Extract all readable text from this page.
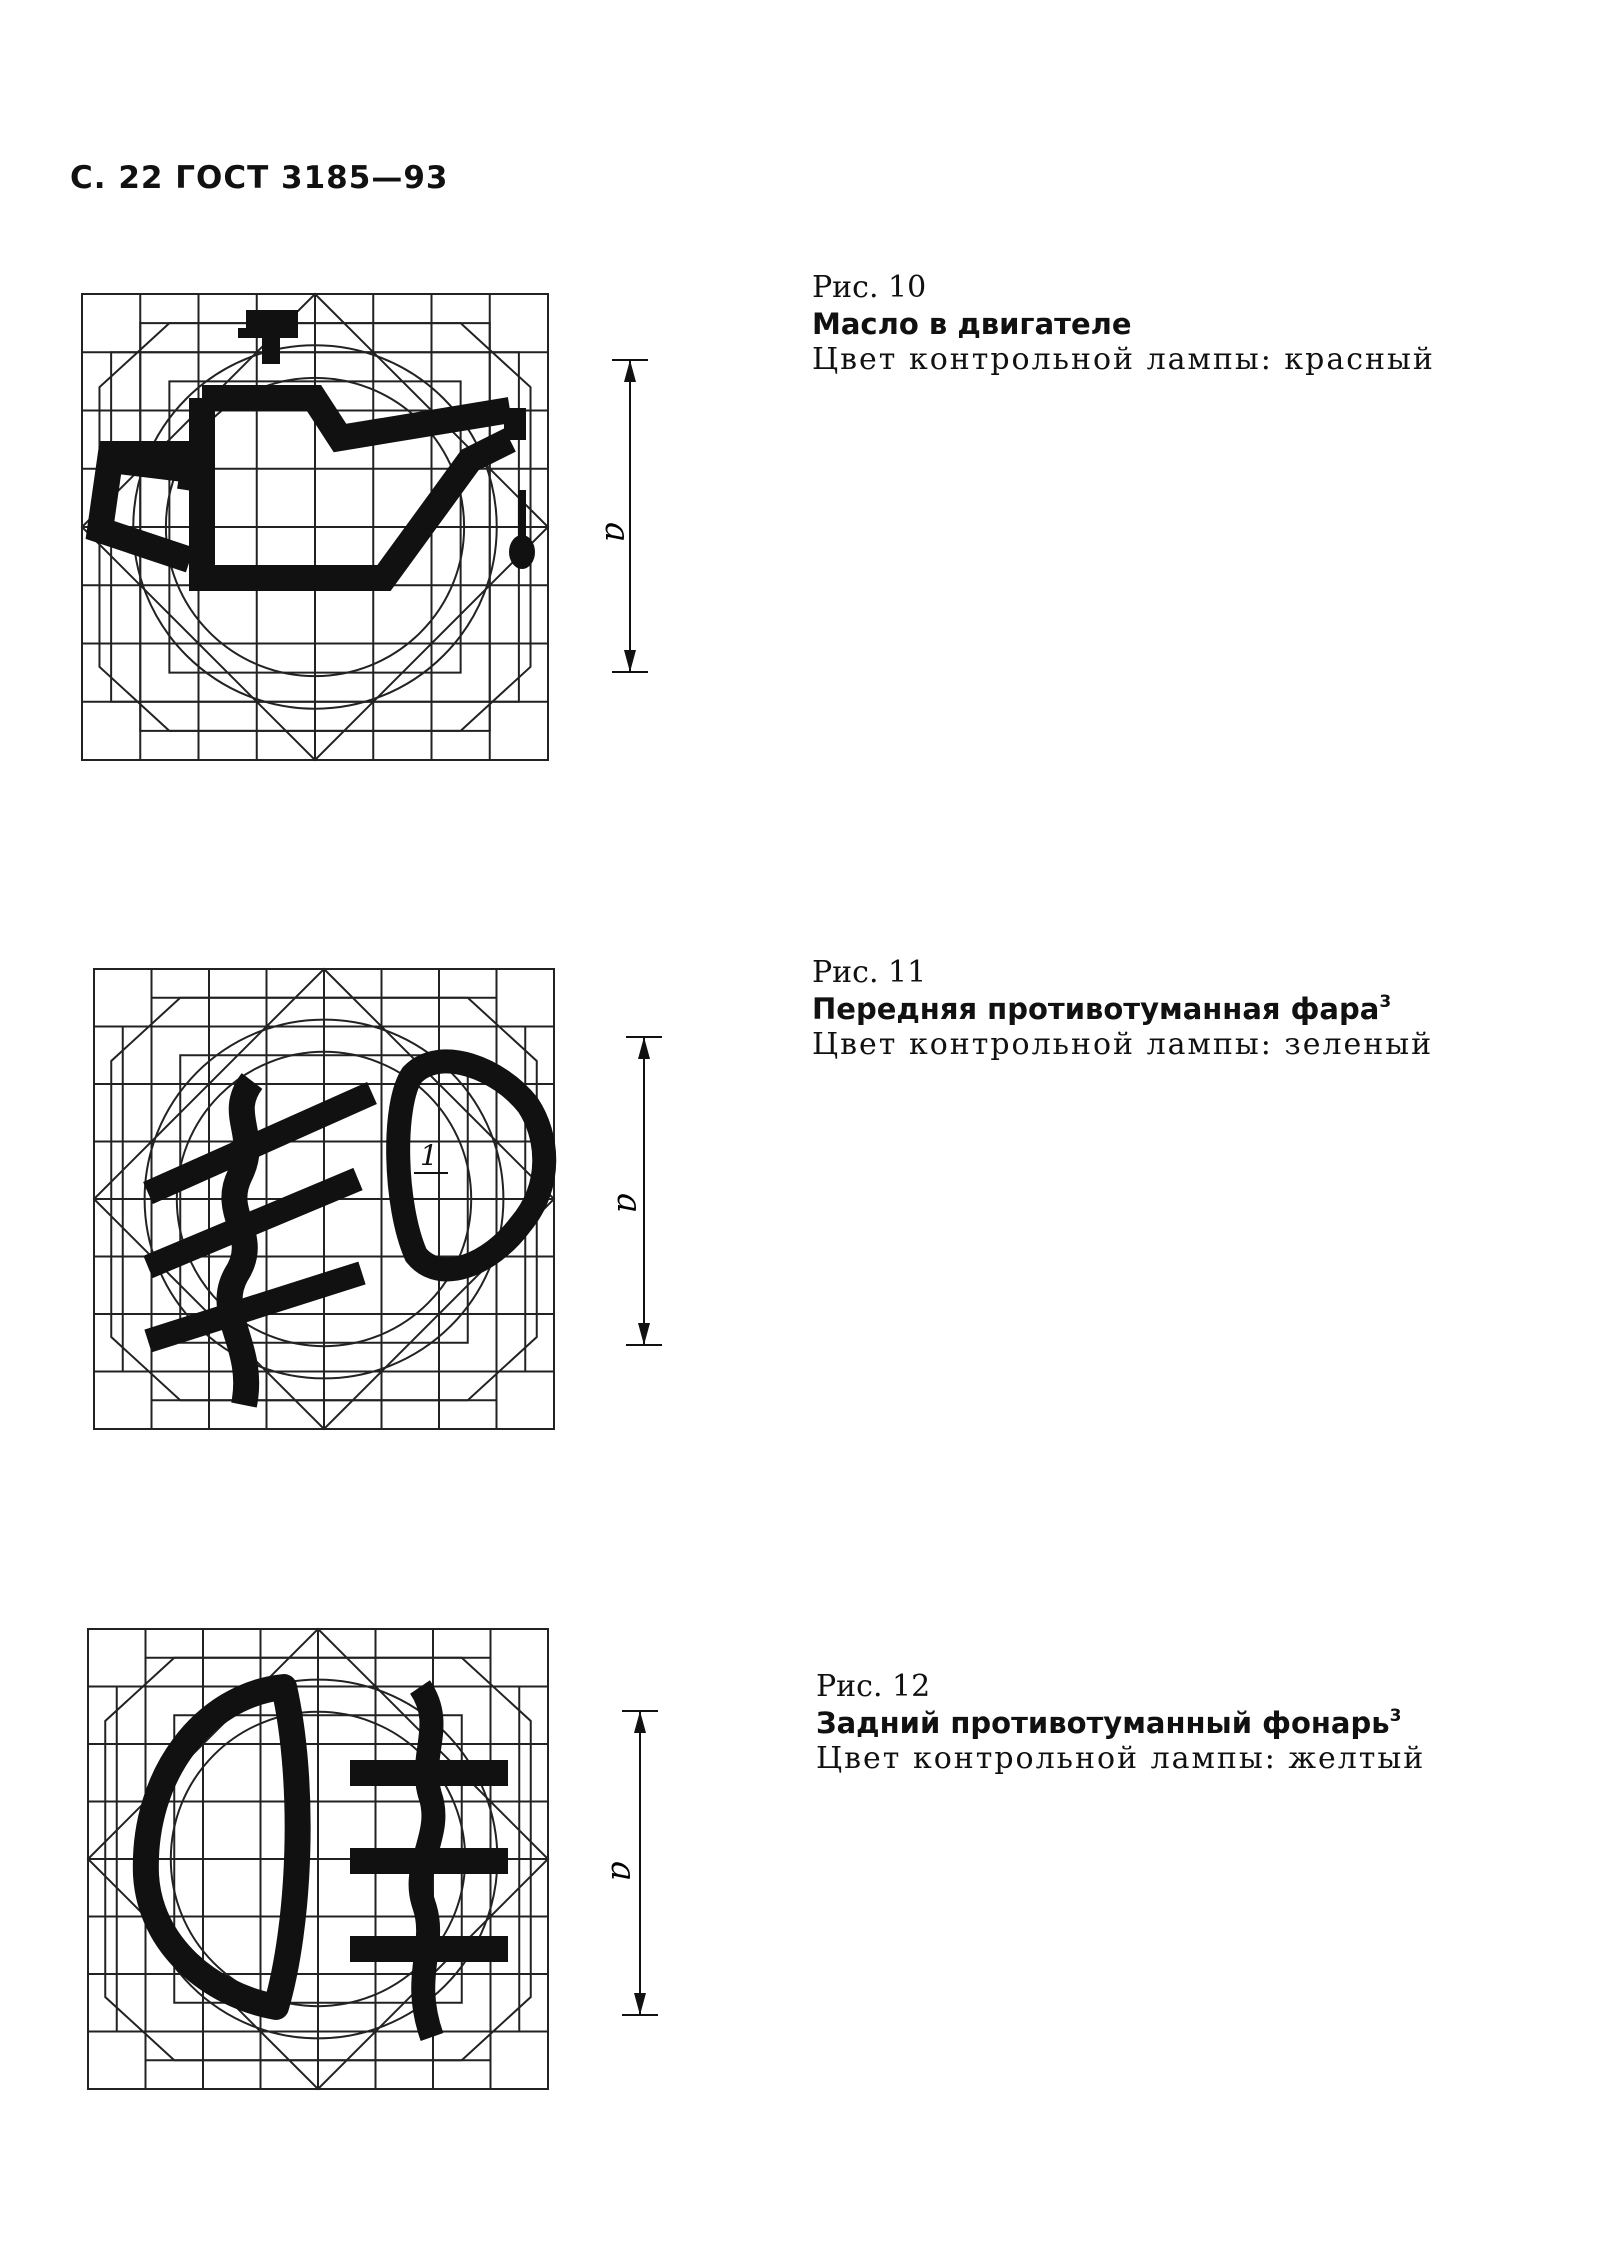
С. 22 ГОСТ 3185—93
a
Рис. 10
Масло в двигателе
Цвет контрольной лампы: красный
1
a
Рис. 11
Передняя противотуманная фара$^3$
Цвет контрольной лампы: зеленый
a
Рис. 12
Задний противотуманный фонарь$^3$
Цвет контрольной лампы: желтый
